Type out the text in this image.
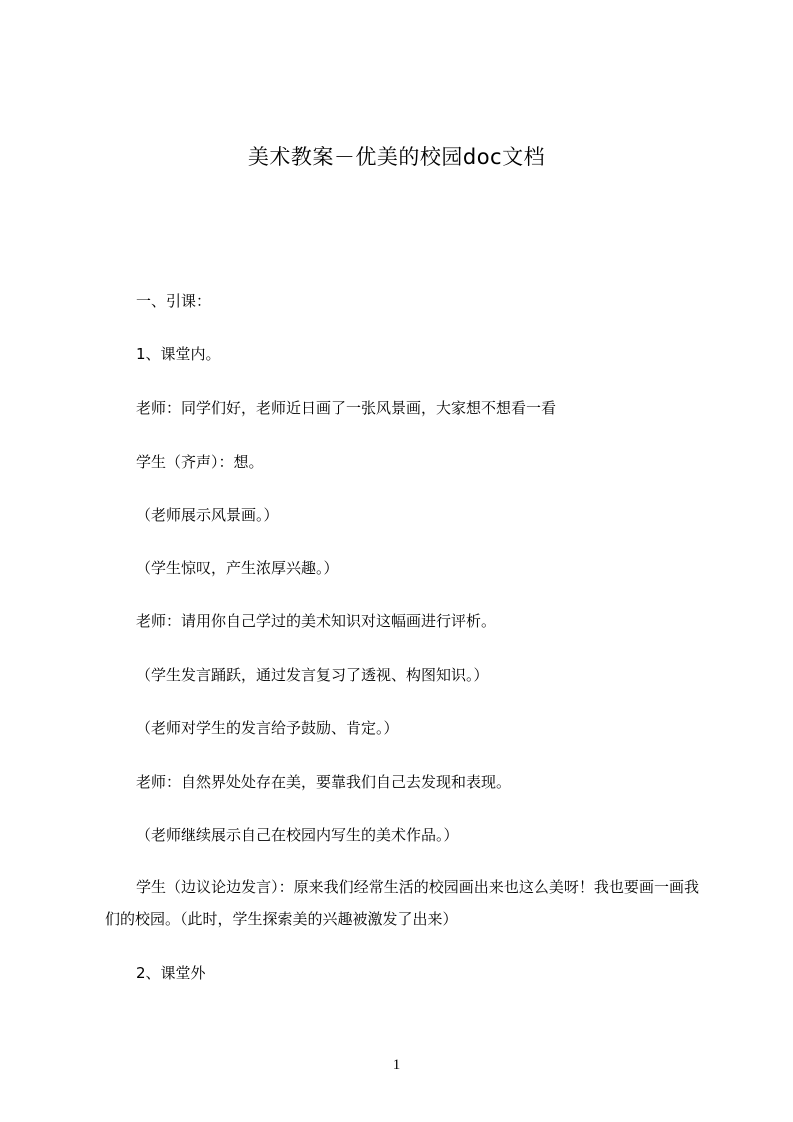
美术教案－优美的校园doc文档
一、引课：
1、课堂内。
老师：同学们好，老师近日画了一张风景画，大家想不想看一看
学生（齐声）：想。
（老师展示风景画。）
（学生惊叹，产生浓厚兴趣。）
老师：请用你自己学过的美术知识对这幅画进行评析。
（学生发言踊跃，通过发言复习了透视、构图知识。）
（老师对学生的发言给予鼓励、肯定。）
老师：自然界处处存在美，要靠我们自己去发现和表现。
（老师继续展示自己在校园内写生的美术作品。）
学生（边议论边发言）：原来我们经常生活的校园画出来也这么美呀！我也要画一画我们的校园。（此时，学生探索美的兴趣被激发了出来）
2、课堂外
1
